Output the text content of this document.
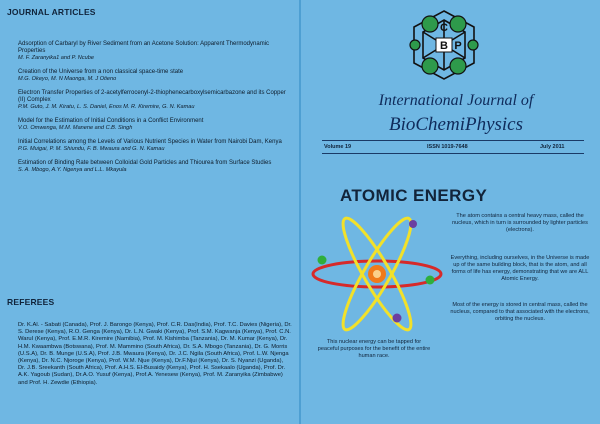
JOURNAL ARTICLES
Adsorption of Carbaryl by River Sediment from an Acetone Solution: Apparent Thermodynamic Properties
M. F. Zaranyika1 and P. Ncube
Creation of the Universe from a non classical space-time state
M.G. Okeyo, M. N Maonga, M. J Otieno
Electron Transfer Properties of 2-acetylferrocenyl-2-thiophenecarboxylsemicarbazone and its Copper (II) Complex
P.M. Guto, J. M. Kiratu, L. S. Daniel, Enos M. R. Kiremire, G. N. Kamau
Model for the Estimation of Initial Conditions in a Conflict Environment
V.O. Omwenga, M.M. Manene and C.B. Singh
Initial Correlations among the Levels of Various Nutrient Species in Water from Nairobi Dam, Kenya
P.G. Muigai, P. M. Shiundu, F. B. Mwaura and G. N. Kamau
Estimation of Binding Rate between Colloidal Gold Particles and Thiourea from Surface Studies
S. A. Mbogo, A.Y. Ngenya and L.L. Mkayula
REFEREES
Dr. K.Al. - Sabati (Canada), Prof. J. Barongo (Kenya), Prof. C.R. Das(India), Prof. T.C. Davies (Nigeria), Dr. S. Derese (Kenya), R.O. Genga (Kenya), Dr. L.N. Gwaki (Kenya), Prof. S.M. Kagwanja (Kenya), Prof. C.N. WaruI (Kenya), Prof. E.M.R. Kiremire (Namibia), Prof. M. Kishimba (Tanzania), Dr. M. Kumar (Kenya), Dr. H.M. Kwaambwa (Botswana), Prof. M. Mammino (South Africa), Dr. S.A. Mbogo (Tanzania), Dr. G. Morris (U.S.A), Dr. B. Munge (U.S.A), Prof. J.B. Mwaura (Kenya), Dr. J.C. Ngila (South Africa), Prof. L.W. Njenga (Kenya), Dr. N.C. Njoroge (Kenya), Prof. W.M. Njue (Kenya), Dr.F.Njui (Kenya), Dr. S. Nyanzi (Uganda), Dr. J.B. Sreekanth (South Africa), Prof. A.H.S. El-Busaidy (Kenya), Prof. H. Ssekaalo (Uganda), Prof. Dr. A.K. Yagoub (Sudan), Dr.A.O. Yusuf (Kenya), Prof.A. Yenesew (Kenya), Prof. M. Zaranyika (Zimbabwe) and Prof. H. Zewdie (Ethiopia).
C
B P
International Journal of
BioChemiPhysics
Volume 19	ISSN 1019-7648	July 2011
ATOMIC ENERGY
The atom contains a central heavy mass, called the nucleus, which in turn is surrounded by lighter particles (electrons).
Everything, including ourselves, in the Universe is made up of the same building block, that is the atom, and all forms of life has energy, demonstrating that we are ALL Atomic Energy.
Most of the energy is stored in central mass, called the nucleus, compared to that associated with the electrons, orbiting the nucleus.
This nuclear energy can be tapped for peaceful purposes for the benefit of the entire human race.
